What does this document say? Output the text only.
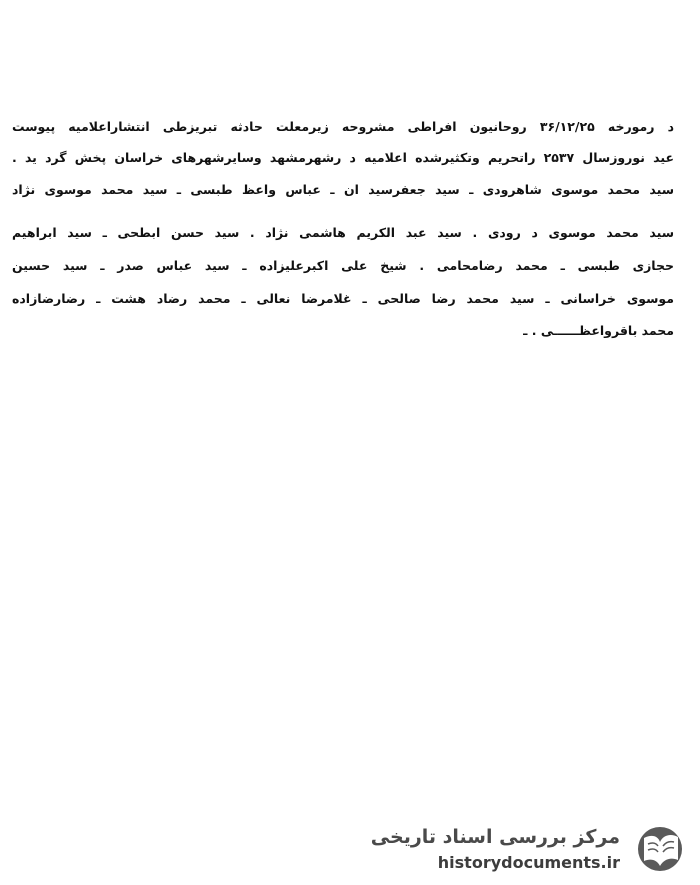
د رمورخه ۳۶/۱۲/۲۵ روحانیون افراطی مشروحه زیرمعلت حادثه تبریزطی انتشاراعلامیه پیوست
عید نوروزسال ۲۵۳۷ راتحریم وتکثیرشده اعلامیه د رشهرمشهد وسایرشهرهای خراسان پخش گرد ید .
سید محمد موسوی شاهرودی ـ سید جعفرسید ان ـ عباس واعظ طبسی ـ سید محمد موسوی نژاد
سید محمد موسوی د رودی . سید عبد الکریم هاشمی نژاد . سید حسن ابطحی ـ سید ابراهیم
حجازی طبسی ـ محمد رضامحامی . شیخ علی اکبرعلیزاده ـ سید عباس صدر ـ سید حسین
موسوی خراسانی ـ سید محمد رضا صالحی ـ غلامرضا نعالی ـ محمد رضاد هشت ـ رضارضازاده
محمد باقرواعظــــــی . ـ
مرکز بررسی اسناد تاریخی
historydocuments.ir
